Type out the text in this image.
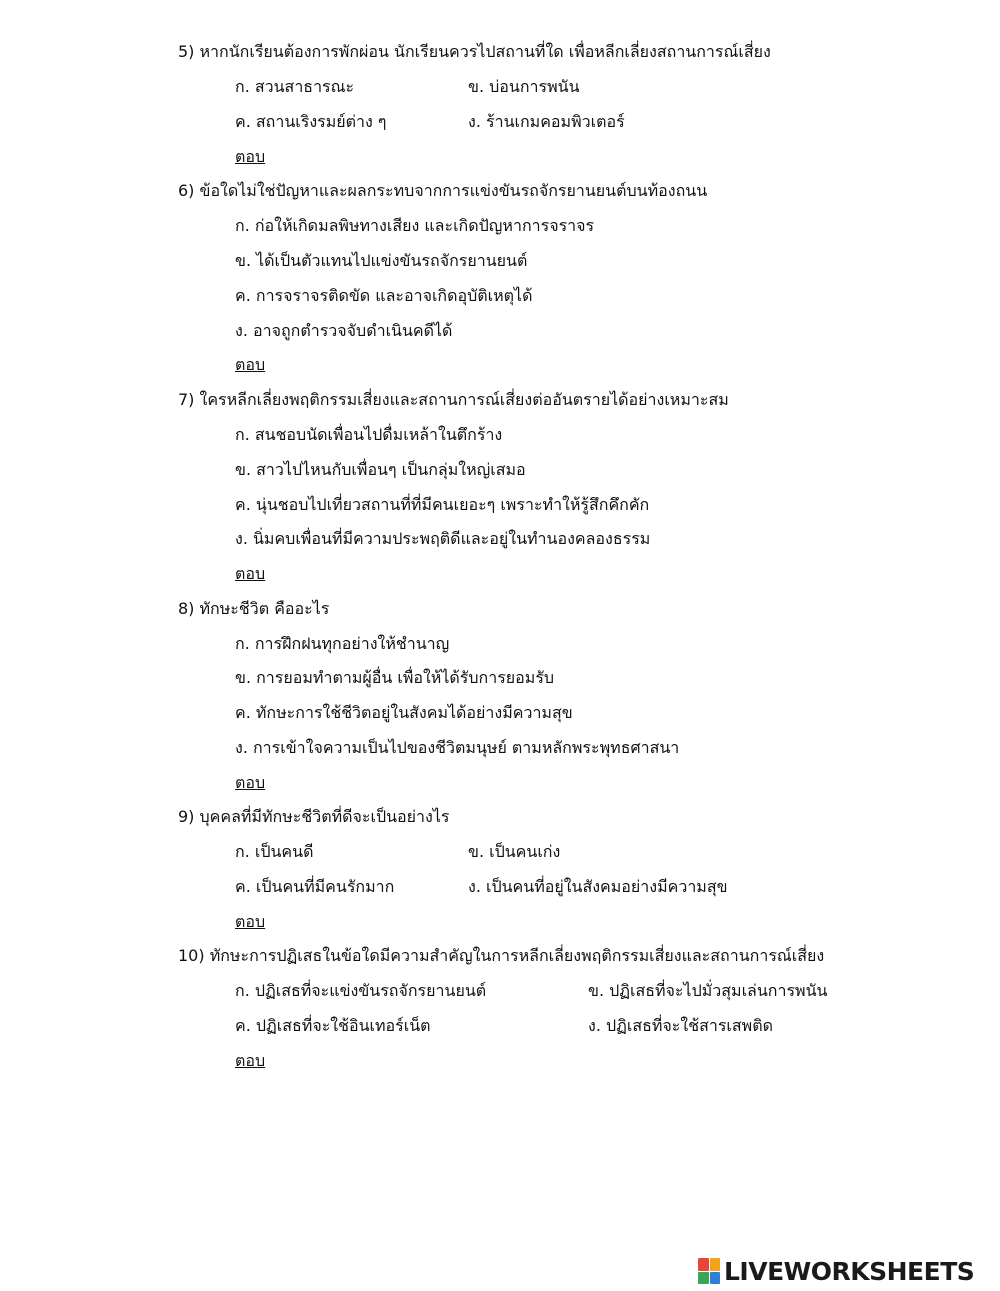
5) หากนักเรียนต้องการพักผ่อน นักเรียนควรไปสถานที่ใด เพื่อหลีกเลี่ยงสถานการณ์เสี่ยง
ก. สวนสาธารณะ	ข. บ่อนการพนัน
ค. สถานเริงรมย์ต่าง ๆ	ง. ร้านเกมคอมพิวเตอร์
ตอบ
6) ข้อใดไม่ใช่ปัญหาและผลกระทบจากการแข่งขันรถจักรยานยนต์บนท้องถนน
ก. ก่อให้เกิดมลพิษทางเสียง และเกิดปัญหาการจราจร
ข. ได้เป็นตัวแทนไปแข่งขันรถจักรยานยนต์
ค. การจราจรติดขัด และอาจเกิดอุบัติเหตุได้
ง. อาจถูกตำรวจจับดำเนินคดีได้
ตอบ
7) ใครหลีกเลี่ยงพฤติกรรมเสี่ยงและสถานการณ์เสี่ยงต่ออันตรายได้อย่างเหมาะสม
ก. สนชอบนัดเพื่อนไปดื่มเหล้าในตึกร้าง
ข. สาวไปไหนกับเพื่อนๆ เป็นกลุ่มใหญ่เสมอ
ค. นุ่นชอบไปเที่ยวสถานที่ที่มีคนเยอะๆ เพราะทำให้รู้สึกคึกคัก
ง. นิ่มคบเพื่อนที่มีความประพฤติดีและอยู่ในทำนองคลองธรรม
ตอบ
8) ทักษะชีวิต คืออะไร
ก. การฝึกฝนทุกอย่างให้ชำนาญ
ข. การยอมทำตามผู้อื่น เพื่อให้ได้รับการยอมรับ
ค. ทักษะการใช้ชีวิตอยู่ในสังคมได้อย่างมีความสุข
ง. การเข้าใจความเป็นไปของชีวิตมนุษย์ ตามหลักพระพุทธศาสนา
ตอบ
9) บุคคลที่มีทักษะชีวิตที่ดีจะเป็นอย่างไร
ก. เป็นคนดี	ข. เป็นคนเก่ง
ค. เป็นคนที่มีคนรักมาก	ง. เป็นคนที่อยู่ในสังคมอย่างมีความสุข
ตอบ
10) ทักษะการปฏิเสธในข้อใดมีความสำคัญในการหลีกเลี่ยงพฤติกรรมเสี่ยงและสถานการณ์เสี่ยง
ก. ปฏิเสธที่จะแข่งขันรถจักรยานยนต์	ข. ปฏิเสธที่จะไปมั่วสุมเล่นการพนัน
ค. ปฏิเสธที่จะใช้อินเทอร์เน็ต	ง. ปฏิเสธที่จะใช้สารเสพติด
ตอบ
LIVEWORKSHEETS
